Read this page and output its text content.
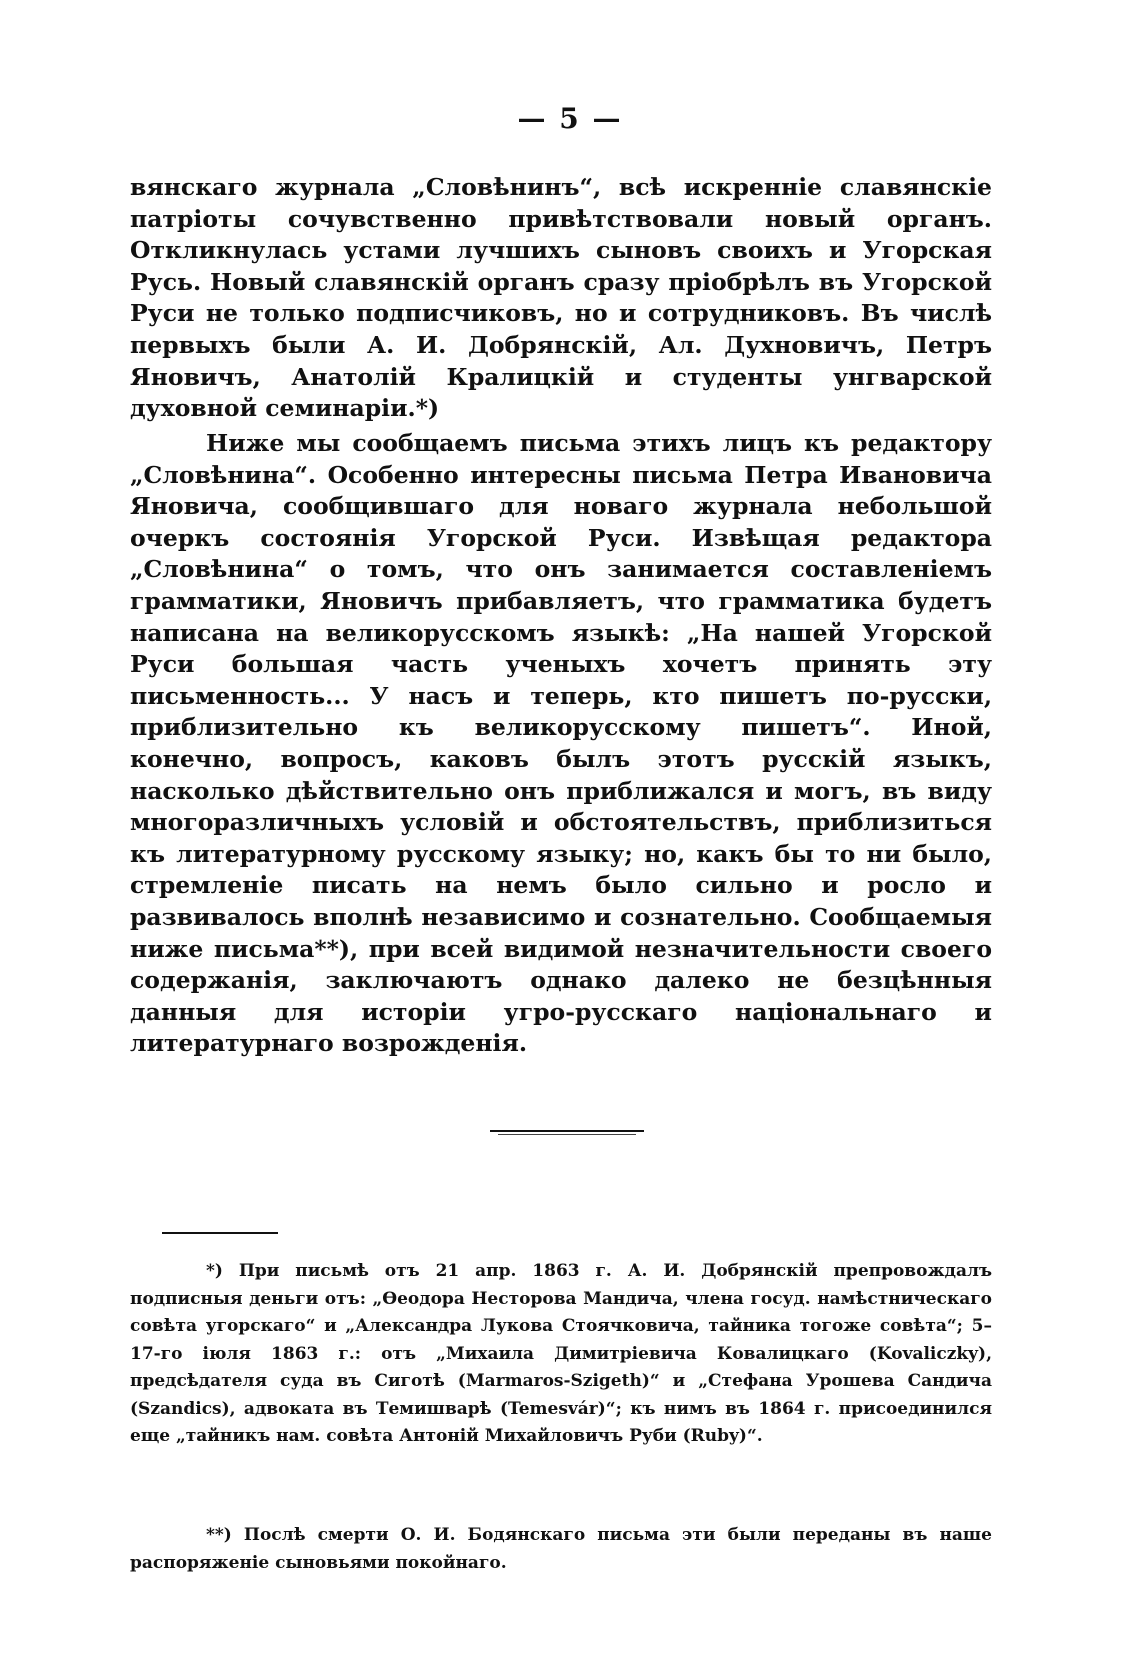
— 5 —

вянскаго журнала „Словѣнинъ“, всѣ искренніе славянскіе патріоты сочувственно привѣтствовали новый органъ. Откликнулась устами лучшихъ сыновъ своихъ и Угорская Русь. Новый славянскій органъ сразу пріобрѣлъ въ Угорской Руси не только подписчиковъ, но и сотрудниковъ. Въ числѣ первыхъ были А. И. Добрянскій, Ал. Духновичъ, Петръ Яновичъ, Анатолій Кралицкій и студенты унгварской духовной семинаріи.*)

Ниже мы сообщаемъ письма этихъ лицъ къ редактору „Словѣнина“. Особенно интересны письма Петра Ивановича Яновича, сообщившаго для новаго журнала небольшой очеркъ состоянія Угорской Руси. Извѣщая редактора „Словѣнина“ о томъ, что онъ занимается составленіемъ грамматики, Яновичъ прибавляетъ, что грамматика будетъ написана на великорусскомъ языкѣ: „На нашей Угорской Руси большая часть ученыхъ хочетъ принять эту письменность... У насъ и теперь, кто пишетъ по-русски, приблизительно къ великорусскому пишетъ“. Иной, конечно, вопросъ, каковъ былъ этотъ русскій языкъ, насколько дѣйствительно онъ приближался и могъ, въ виду многоразличныхъ условій и обстоятельствъ, приблизиться къ литературному русскому языку; но, какъ бы то ни было, стремленіе писать на немъ было сильно и росло и развивалось вполнѣ независимо и сознательно. Сообщаемыя ниже письма**), при всей видимой незначительности своего содержанія, заключаютъ однако далеко не безцѣнныя данныя для исторіи угро-русскаго національнаго и литературнаго возрожденія.

*) При письмѣ отъ 21 апр. 1863 г. А. И. Добрянскій препровождалъ подписныя деньги отъ: „Ѳеодора Несторова Мандича, члена госуд. намѣстническаго совѣта угорскаго“ и „Александра Лукова Стоячковича, тайника тогоже совѣта“; 5–17-го іюля 1863 г.: отъ „Михаила Димитріевича Ковалицкаго (Kovaliczky), предсѣдателя суда въ Сиготѣ (Marmaros-Szigeth)“ и „Стефана Урошева Сандича (Szandics), адвоката въ Темишварѣ (Temesvár)“; къ нимъ въ 1864 г. присоединился еще „тайникъ нам. совѣта Антоній Михайловичъ Руби (Ruby)“.

**) Послѣ смерти О. И. Бодянскаго письма эти были переданы въ наше распоряженіе сыновьями покойнаго.
